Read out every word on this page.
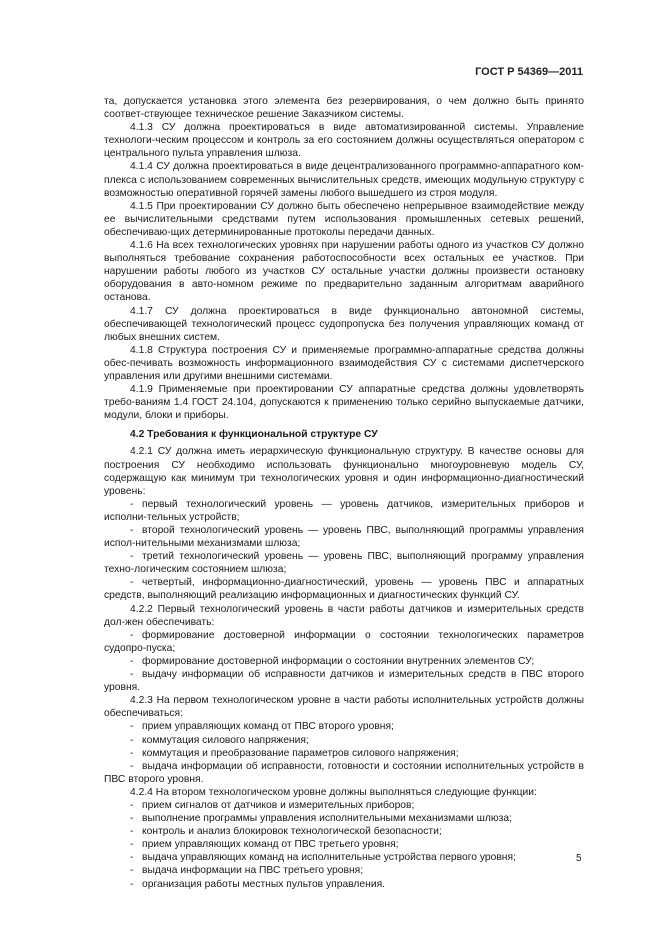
ГОСТ Р 54369—2011
та, допускается установка этого элемента без резервирования, о чем должно быть принято соответ-ствующее техническое решение Заказчиком системы.
4.1.3 СУ должна проектироваться в виде автоматизированной системы. Управление технологи-ческим процессом и контроль за его состоянием должны осуществляться оператором с центрального пульта управления шлюза.
4.1.4 СУ должна проектироваться в виде децентрализованного программно-аппаратного ком-плекса с использованием современных вычислительных средств, имеющих модульную структуру с возможностью оперативной горячей замены любого вышедшего из строя модуля.
4.1.5 При проектировании СУ должно быть обеспечено непрерывное взаимодействие между ее вычислительными средствами путем использования промышленных сетевых решений, обеспечиваю-щих детерминированные протоколы передачи данных.
4.1.6 На всех технологических уровнях при нарушении работы одного из участков СУ должно выполняться требование сохранения работоспособности всех остальных ее участков. При нарушении работы любого из участков СУ остальные участки должны произвести остановку оборудования в авто-номном режиме по предварительно заданным алгоритмам аварийного останова.
4.1.7 СУ должна проектироваться в виде функционально автономной системы, обеспечивающей технологический процесс судопропуска без получения управляющих команд от любых внешних систем.
4.1.8 Структура построения СУ и применяемые программно-аппаратные средства должны обес-печивать возможность информационного взаимодействия СУ с системами диспетчерского управления или другими внешними системами.
4.1.9 Применяемые при проектировании СУ аппаратные средства должны удовлетворять требо-ваниям 1.4 ГОСТ 24.104, допускаются к применению только серийно выпускаемые датчики, модули, блоки и приборы.
4.2 Требования к функциональной структуре СУ
4.2.1 СУ должна иметь иерархическую функциональную структуру. В качестве основы для построения СУ необходимо использовать функционально многоуровневую модель СУ, содержащую как минимум три технологических уровня и один информационно-диагностический уровень:
- первый технологический уровень — уровень датчиков, измерительных приборов и исполни-тельных устройств;
- второй технологический уровень — уровень ПВС, выполняющий программы управления испол-нительными механизмами шлюза;
- третий технологический уровень — уровень ПВС, выполняющий программу управления техно-логическим состоянием шлюза;
- четвертый, информационно-диагностический, уровень — уровень ПВС и аппаратных средств, выполняющий реализацию информационных и диагностических функций СУ.
4.2.2 Первый технологический уровень в части работы датчиков и измерительных средств дол-жен обеспечивать:
- формирование достоверной информации о состоянии технологических параметров судопро-пуска;
- формирование достоверной информации о состоянии внутренних элементов СУ;
- выдачу информации об исправности датчиков и измерительных средств в ПВС второго уровня.
4.2.3 На первом технологическом уровне в части работы исполнительных устройств должны обеспечиваться:
- прием управляющих команд от ПВС второго уровня;
- коммутация силового напряжения;
- коммутация и преобразование параметров силового напряжения;
- выдача информации об исправности, готовности и состоянии исполнительных устройств в ПВС второго уровня.
4.2.4 На втором технологическом уровне должны выполняться следующие функции:
- прием сигналов от датчиков и измерительных приборов;
- выполнение программы управления исполнительными механизмами шлюза;
- контроль и анализ блокировок технологической безопасности;
- прием управляющих команд от ПВС третьего уровня;
- выдача управляющих команд на исполнительные устройства первого уровня;
- выдача информации на ПВС третьего уровня;
- организация работы местных пультов управления.
5
